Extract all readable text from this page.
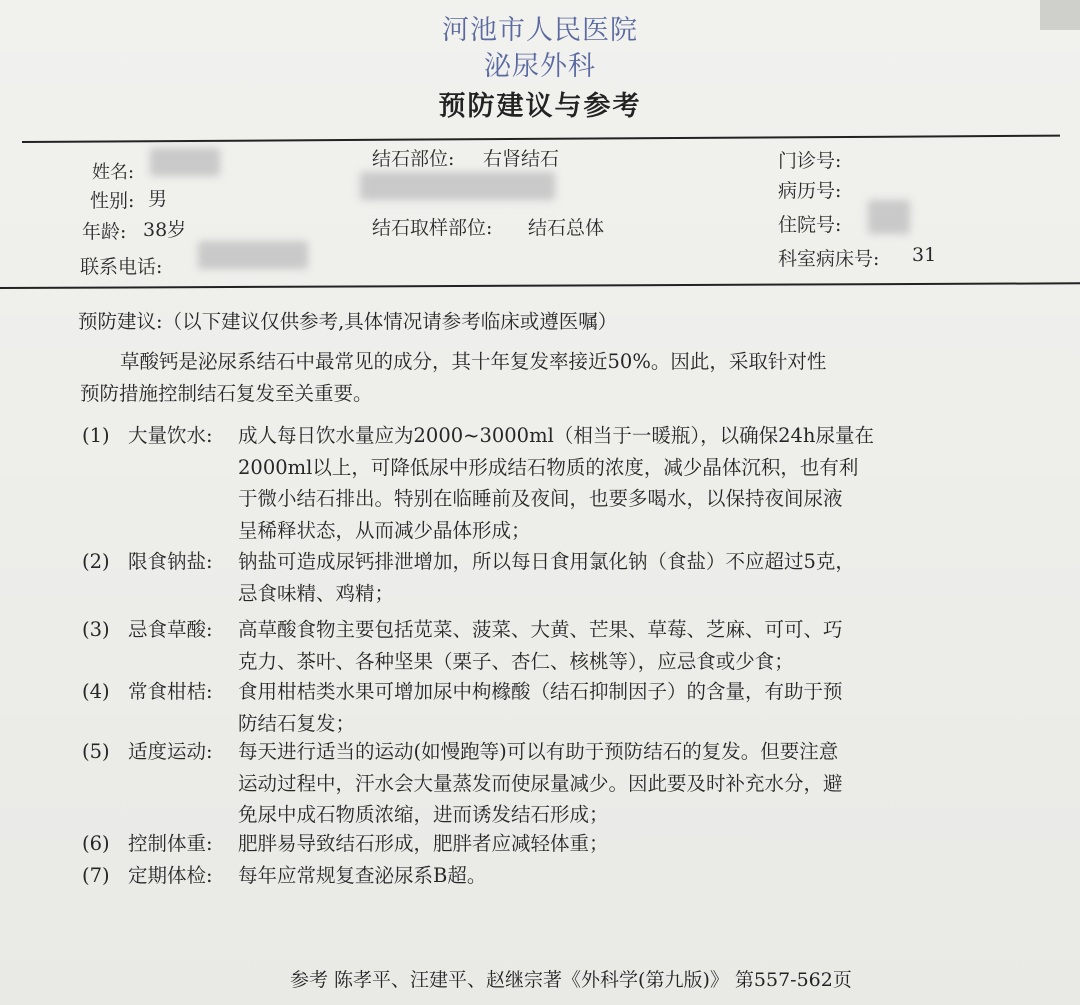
河池市人民医院
泌尿外科
预防建议与参考
姓名:
性别: 男
年龄: 38岁
联系电话:
结石部位: 右肾结石
结石取样部位: 结石总体
门诊号:
病历号:
住院号:
科室病床号: 31
预防建议:（以下建议仅供参考,具体情况请参考临床或遵医嘱）
草酸钙是泌尿系结石中最常见的成分，其十年复发率接近50%。因此，采取针对性
预防措施控制结石复发至关重要。
(1) 大量饮水:	成人每日饮水量应为2000~3000ml（相当于一暖瓶），以确保24h尿量在
2000ml以上，可降低尿中形成结石物质的浓度，减少晶体沉积，也有利
于微小结石排出。特别在临睡前及夜间，也要多喝水，以保持夜间尿液
呈稀释状态，从而减少晶体形成；
(2) 限食钠盐:	钠盐可造成尿钙排泄增加，所以每日食用氯化钠（食盐）不应超过5克，
忌食味精、鸡精；
(3) 忌食草酸:	高草酸食物主要包括苋菜、菠菜、大黄、芒果、草莓、芝麻、可可、巧
克力、茶叶、各种坚果（栗子、杏仁、核桃等），应忌食或少食；
(4) 常食柑桔:	食用柑桔类水果可增加尿中枸橼酸（结石抑制因子）的含量，有助于预
防结石复发；
(5) 适度运动:	每天进行适当的运动(如慢跑等)可以有助于预防结石的复发。但要注意
运动过程中，汗水会大量蒸发而使尿量减少。因此要及时补充水分，避
免尿中成石物质浓缩，进而诱发结石形成；
(6) 控制体重:	肥胖易导致结石形成，肥胖者应减轻体重；
(7) 定期体检:	每年应常规复查泌尿系B超。
参考 陈孝平、汪建平、赵继宗著《外科学(第九版)》 第557-562页
